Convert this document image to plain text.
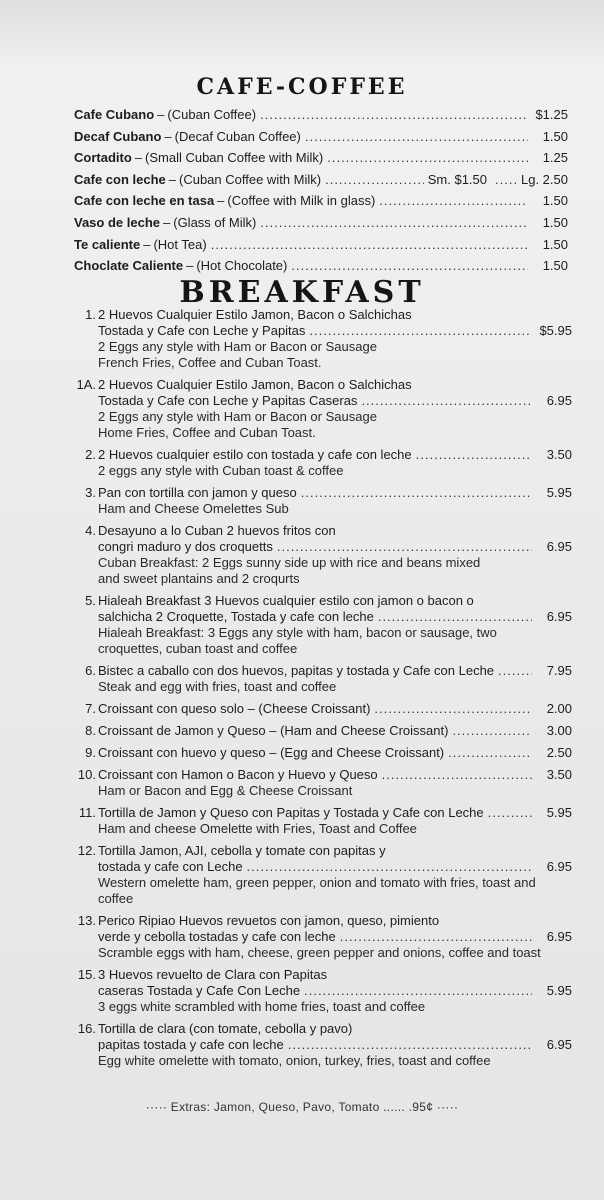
CAFE-COFFEE
Cafe Cubano – (Cuban Coffee) .....	$1.25
Decaf Cubano – (Decaf Cuban Coffee) .....	1.50
Cortadito – (Small Cuban Coffee with Milk) .....	1.25
Cafe con leche – (Cuban Coffee with Milk) .....	Sm. $1.50 .....	Lg. 2.50
Cafe con leche en tasa – (Coffee with Milk in glass) .....	1.50
Vaso de leche – (Glass of Milk) .....	1.50
Te caliente – (Hot Tea) .....	1.50
Choclate Caliente – (Hot Chocolate) .....	1.50
BREAKFAST
1. 2 Huevos Cualquier Estilo Jamon, Bacon o Salchichas
Tostada y Cafe con Leche y Papitas .....	$5.95
2 Eggs any style with Ham or Bacon or Sausage
French Fries, Coffee and Cuban Toast.
1A. 2 Huevos Cualquier Estilo Jamon, Bacon o Salchichas
Tostada y Cafe con Leche y Papitas Caseras .....	6.95
2 Eggs any style with Ham or Bacon or Sausage
Home Fries, Coffee and Cuban Toast.
2. 2 Huevos cualquier estilo con tostada y cafe con leche .....	3.50
2 eggs any style with Cuban toast & coffee
3. Pan con tortilla con jamon y queso .....	5.95
Ham and Cheese Omelettes Sub
4. Desayuno a lo Cuban 2 huevos fritos con
congri maduro y dos croquetts .....	6.95
Cuban Breakfast: 2 Eggs sunny side up with rice and beans mixed
and sweet plantains and 2 croqurts
5. Hialeah Breakfast 3 Huevos cualquier estilo con jamon o bacon o
salchicha 2 Croquette, Tostada y cafe con leche .....	6.95
Hialeah Breakfast: 3 Eggs any style with ham, bacon or sausage, two
croquettes, cuban toast and coffee
6. Bistec a caballo con dos huevos, papitas y tostada y Cafe con Leche .....	7.95
Steak and egg with fries, toast and coffee
7. Croissant con queso solo – (Cheese Croissant) .....	2.00
8. Croissant de Jamon y Queso – (Ham and Cheese Croissant) .....	3.00
9. Croissant con huevo y queso – (Egg and Cheese Croissant) .....	2.50
10. Croissant con Hamon o Bacon y Huevo y Queso .....	3.50
Ham or Bacon and Egg & Cheese Croissant
11. Tortilla de Jamon y Queso con Papitas y Tostada y Cafe con Leche .....	5.95
Ham and cheese Omelette with Fries, Toast and Coffee
12. Tortilla Jamon, AJI, cebolla y tomate con papitas y
tostada y cafe con Leche .....	6.95
Western omelette ham, green pepper, onion and tomato with fries, toast and coffee
13. Perico Ripiao Huevos revuetos con jamon, queso, pimiento
verde y cebolla tostadas y cafe con leche .....	6.95
Scramble eggs with ham, cheese, green pepper and onions, coffee and toast
15. 3 Huevos revuelto de Clara con Papitas
caseras Tostada y Cafe Con Leche .....	5.95
3 eggs white scrambled with home fries, toast and coffee
16. Tortilla de clara (con tomate, cebolla y pavo)
papitas tostada y cafe con leche .....	6.95
Egg white omelette with tomato, onion, turkey, fries, toast and coffee
····· Extras: Jamon, Queso, Pavo, Tomato ...... .95¢ ·····
